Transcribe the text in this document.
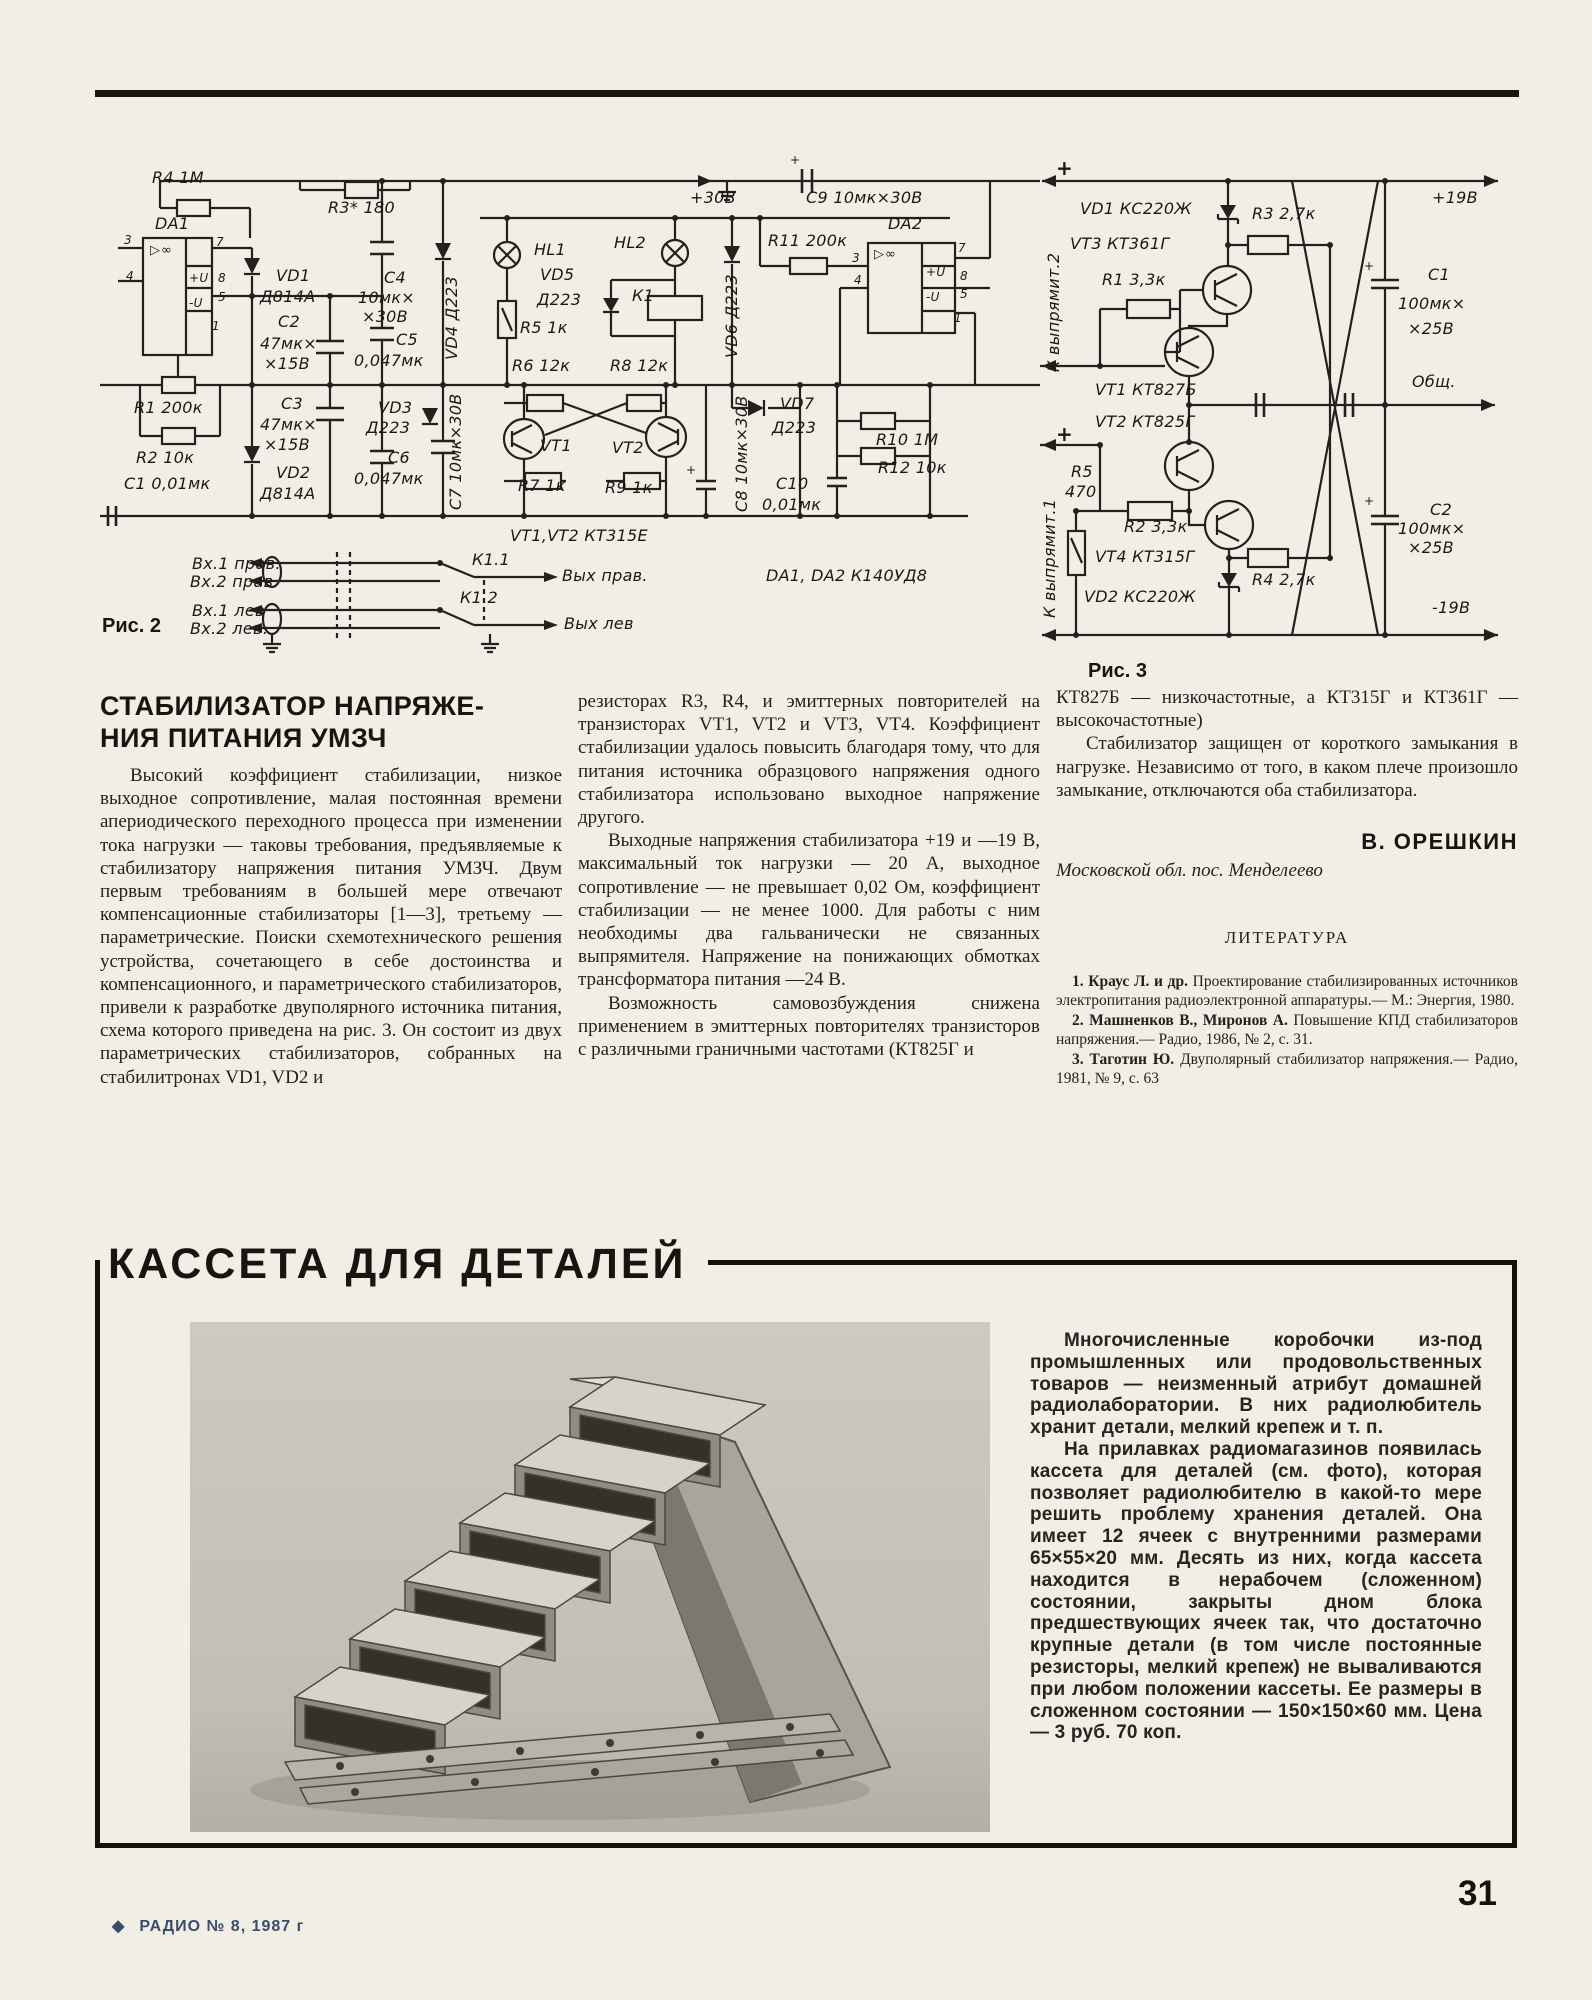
R4 1М
R3* 180
DA1
▷∞
3
4
7
8
5
1
+U
-U
VD1
Д814А
С2
47мк×
×15В
С3
47мк×
×15В
VD2
Д814А
R1 200к
R2 10к
С1 0,01мк
VD4 Д223
С4
10мк×
×30В
С5
0,047мк
VD3
Д223
С6
0,047мк С7 10мк×30В
+
С9 10мк×30В
+30В
HL1
VD5
Д223
R5 1к
HL2
К1
R6 12к R8 12к
VT1	VT2
R7 1к R9 1к
VD6 Д223
+ С8 10мк×30В VD7
Д223
R11 200к
DA2
▷∞
3
4
7
8
5
1
+U
-U
R10 1М
R12 10к
С10
0,01мк
VT1,VT2 КТ315Е
DA1, DA2 К140УД8
Вх.1 прав.
Вх.2 прав.
Вх.1 лев
Вх.2 лев.
К1.1
К1.2
Вых прав.
Вых лев
Рис. 2
+
VD1 КС220Ж
VT3 КТ361Г
R3 2,7к
R1 3,3к
VT1 КТ827Б
VT2 КТ825Г
+
R5
470
R2 3,3к
VT4 КТ315Г
VD2 КС220Ж
R4 2,7к
+19В
+	С1
100мк×
×25В
Общ.
+	С2
100мк×
×25В
-19В
К выпрямит.2
К выпрямит.1
Рис. 3
СТАБИЛИЗАТОР НАПРЯЖЕ-
НИЯ ПИТАНИЯ УМЗЧ

Высокий коэффициент стабилизации, низкое выходное сопротивление, малая постоянная времени апериодического переходного процесса при изменении тока нагрузки — таковы требования, предъявляемые к стабилизатору напряжения питания УМЗЧ. Двум первым требованиям в большей мере отвечают компенсационные стабилизаторы [1—3], третьему — параметрические. Поиски схемотехнического решения устройства, сочетающего в себе достоинства и компенсационного, и параметрического стабилизаторов, привели к разработке двуполярного источника питания, схема которого приведена на рис. 3. Он состоит из двух параметрических стабилизаторов, собранных на стабилитронах VD1, VD2 и

резисторах R3, R4, и эмиттерных повторителей на транзисторах VT1, VT2 и VT3, VT4. Коэффициент стабилизации удалось повысить благодаря тому, что для питания источника образцового напряжения одного стабилизатора использовано выходное напряжение другого.

Выходные напряжения стабилизатора +19 и —19 В, максимальный ток нагрузки — 20 А, выходное сопротивление — не превышает 0,02 Ом, коэффициент стабилизации — не менее 1000. Для работы с ним необходимы два гальванически не связанных выпрямителя. Напряжение на понижающих обмотках трансформатора питания —24 В.

Возможность самовозбуждения снижена применением в эмиттерных повторителях транзисторов с различными граничными частотами (КТ825Г и

КТ827Б — низкочастотные, а КТ315Г и КТ361Г — высокочастотные)

Стабилизатор защищен от короткого замыкания в нагрузке. Независимо от того, в каком плече произошло замыкание, отключаются оба стабилизатора.

В. ОРЕШКИН
Московской обл. пос. Менделеево
ЛИТЕРАТУРА

1. Краус Л. и др. Проектирование стабилизированных источников электропитания радиоэлектронной аппаратуры.— М.: Энергия, 1980.

2. Машненков В., Миронов А. Повышение КПД стабилизаторов напряжения.— Радио, 1986, № 2, с. 31.

3. Таготин Ю. Двуполярный стабилизатор напряжения.— Радио, 1981, № 9, с. 63

КАССЕТА ДЛЯ ДЕТАЛЕЙ

Многочисленные коробочки из-под промышленных или продовольственных товаров — неизменный атрибут домашней радиолаборатории. В них радиолюбитель хранит детали, мелкий крепеж и т. п.

На прилавках радиомагазинов появилась кассета для деталей (см. фото), которая позволяет радиолюбителю в какой-то мере решить проблему хранения деталей. Она имеет 12 ячеек с внутренними размерами 65×55×20 мм. Десять из них, когда кассета находится в нерабочем (сложенном) состоянии, закрыты дном блока предшествующих ячеек так, что достаточно крупные детали (в том числе постоянные резисторы, мелкий крепеж) не вываливаются при любом положении кассеты. Ее размеры в сложенном состоянии — 150×150×60 мм. Цена — 3 руб. 70 коп.

◆ РАДИО № 8, 1987 г
31
